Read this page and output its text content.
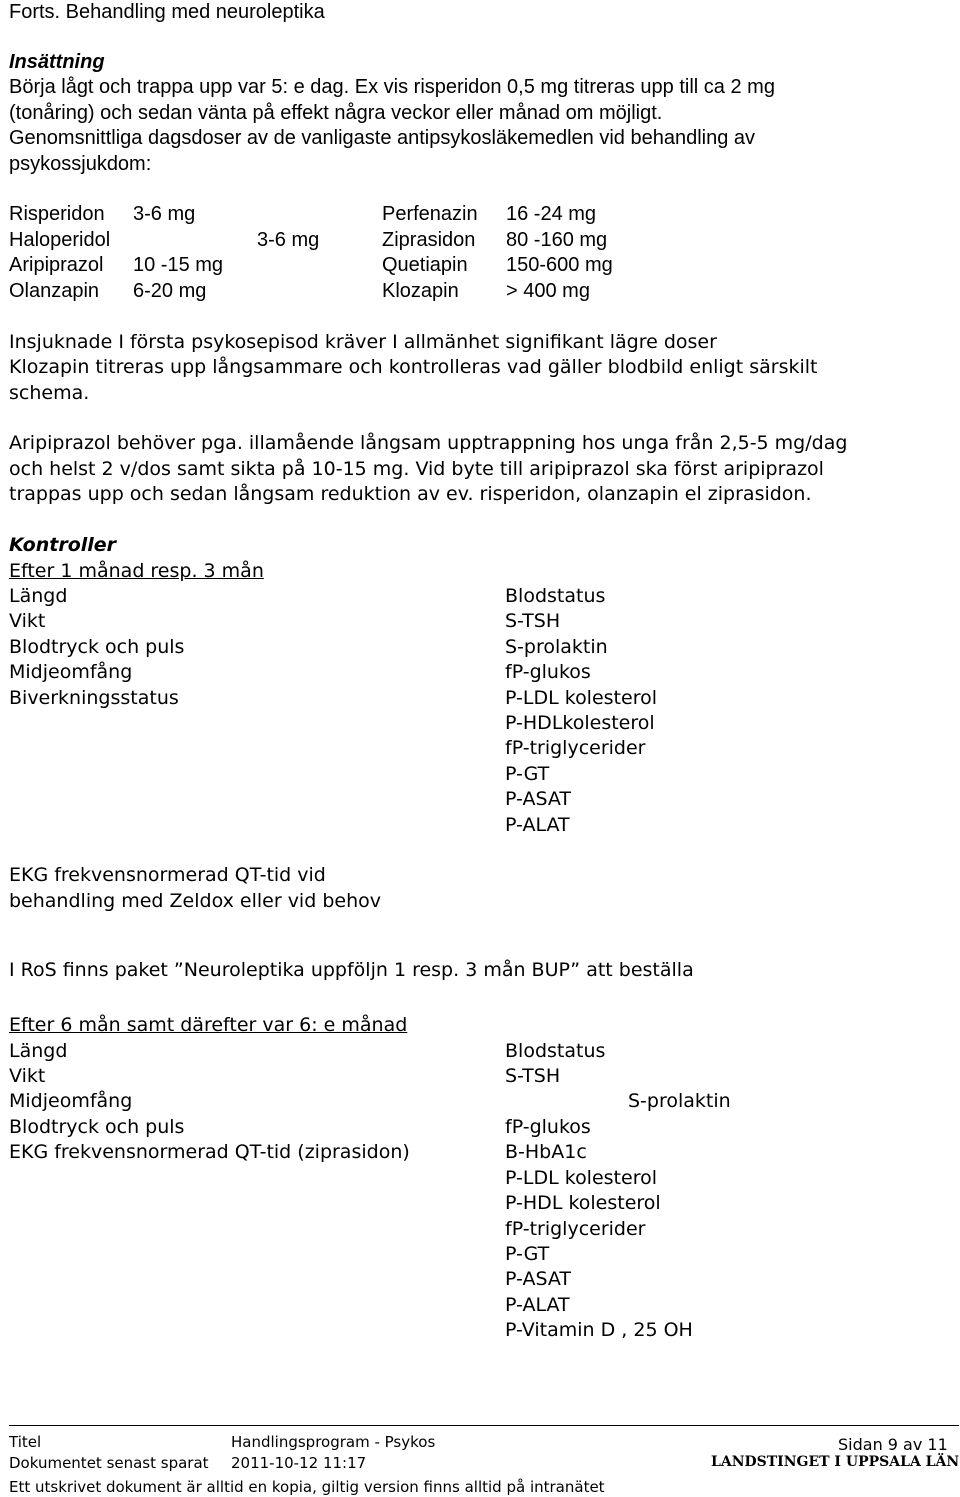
Forts. Behandling med neuroleptika
Insättning
Börja lågt och trappa upp var 5: e dag. Ex vis risperidon 0,5 mg titreras upp till ca 2 mg
(tonåring) och sedan vänta på effekt några veckor eller månad om möjligt.
Genomsnittliga dagsdoser av de vanligaste antipsykosläkemedlen vid behandling av
psykossjukdom:
Risperidon 3-6 mg
Haloperidol	3-6 mg
Aripiprazol 10 -15 mg
Olanzapin 6-20 mg
Perfenazin 16 -24 mg
Ziprasidon 80 -160 mg
Quetiapin 150-600 mg
Klozapin > 400 mg
Insjuknade I första psykosepisod kräver I allmänhet signifikant lägre doser
Klozapin titreras upp långsammare och kontrolleras vad gäller blodbild enligt särskilt
schema.
Aripiprazol behöver pga. illamående långsam upptrappning hos unga från 2,5-5 mg/dag
och helst 2 v/dos samt sikta på 10-15 mg. Vid byte till aripiprazol ska först aripiprazol
trappas upp och sedan långsam reduktion av ev. risperidon, olanzapin el ziprasidon.
Kontroller
Efter 1 månad resp. 3 mån
Längd
Vikt
Blodtryck och puls
Midjeomfång
Biverkningsstatus
Blodstatus
S-TSH
S-prolaktin
fP-glukos
P-LDL kolesterol
P-HDLkolesterol
fP-triglycerider
P-GT
P-ASAT
P-ALAT
EKG frekvensnormerad QT-tid vid
behandling med Zeldox eller vid behov
I RoS finns paket ”Neuroleptika uppföljn 1 resp. 3 mån BUP” att beställa
Efter 6 mån samt därefter var 6: e månad
Längd
Vikt
Midjeomfång
Blodtryck och puls
EKG frekvensnormerad QT-tid (ziprasidon)
Blodstatus
S-TSH
S-prolaktin
fP-glukos
B-HbA1c
P-LDL kolesterol
P-HDL kolesterol
fP-triglycerider
P-GT
P-ASAT
P-ALAT
P-Vitamin D , 25 OH
Titel	Handlingsprogram - Psykos	Sidan 9 av 11
Dokumentet senast sparat 2011-10-12 11:17	LANDSTINGET I UPPSALA LÄN
Ett utskrivet dokument är alltid en kopia, giltig version finns alltid på intranätet
